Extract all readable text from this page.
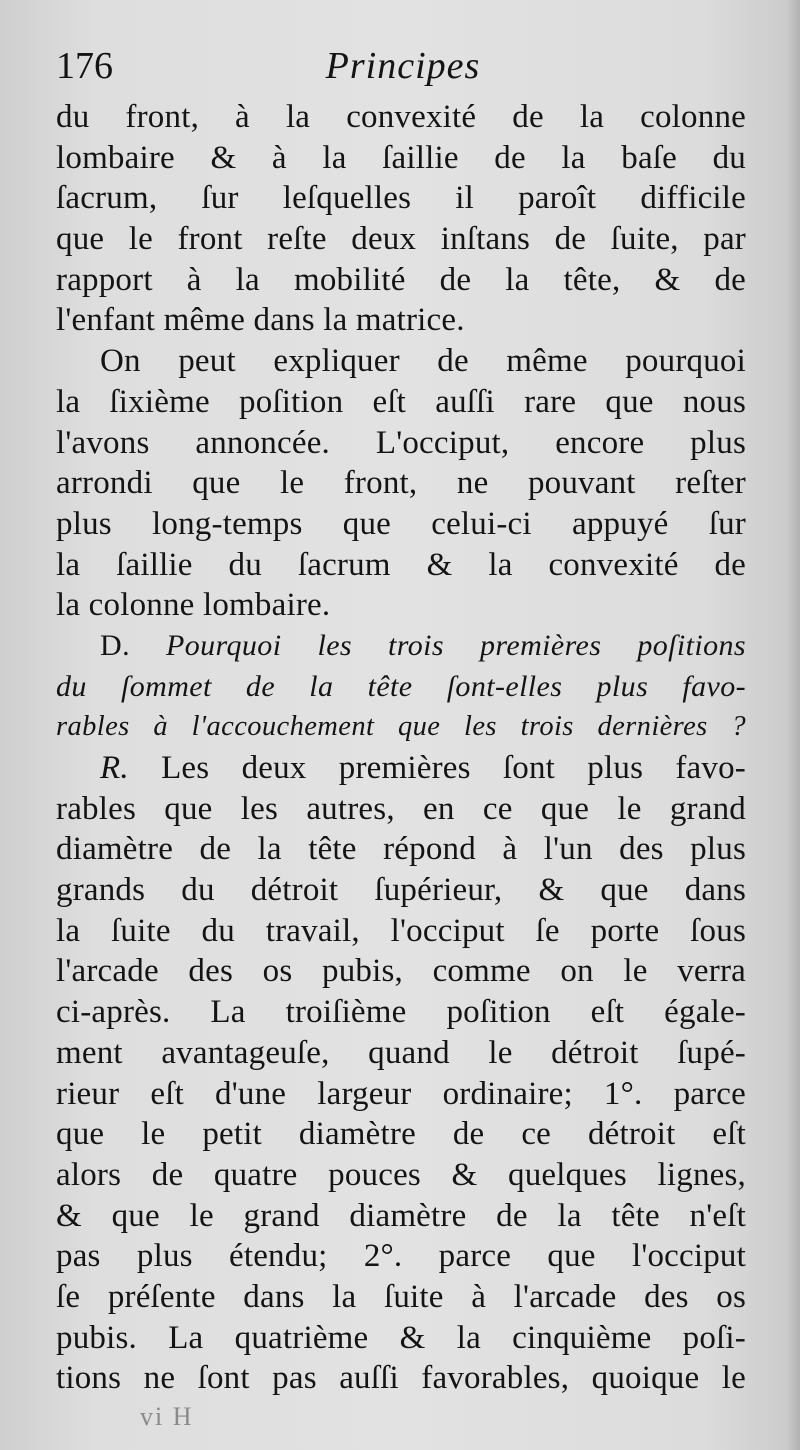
176	Principes
du front, à la convexité de la colonne
lombaire & à la ſaillie de la baſe du
ſacrum, ſur leſquelles il paroît difficile
que le front reſte deux inſtans de ſuite, par
rapport à la mobilité de la tête, & de
l'enfant même dans la matrice.
On peut expliquer de même pourquoi
la ſixième poſition eſt auſſi rare que nous
l'avons annoncée. L'occiput, encore plus
arrondi que le front, ne pouvant reſter
plus long-temps que celui-ci appuyé ſur
la ſaillie du ſacrum & la convexité de
la colonne lombaire.
D. Pourquoi les trois premières poſitions
du ſommet de la tête ſont-elles plus favo-
rables à l'accouchement que les trois dernières ?
R. Les deux premières ſont plus favo-
rables que les autres, en ce que le grand
diamètre de la tête répond à l'un des plus
grands du détroit ſupérieur, & que dans
la ſuite du travail, l'occiput ſe porte ſous
l'arcade des os pubis, comme on le verra
ci-après. La troiſième poſition eſt égale-
ment avantageuſe, quand le détroit ſupé-
rieur eſt d'une largeur ordinaire; 1°. parce
que le petit diamètre de ce détroit eſt
alors de quatre pouces & quelques lignes,
& que le grand diamètre de la tête n'eſt
pas plus étendu; 2°. parce que l'occiput
ſe préſente dans la ſuite à l'arcade des os
pubis. La quatrième & la cinquième poſi-
tions ne ſont pas auſſi favorables, quoique le
vi H
